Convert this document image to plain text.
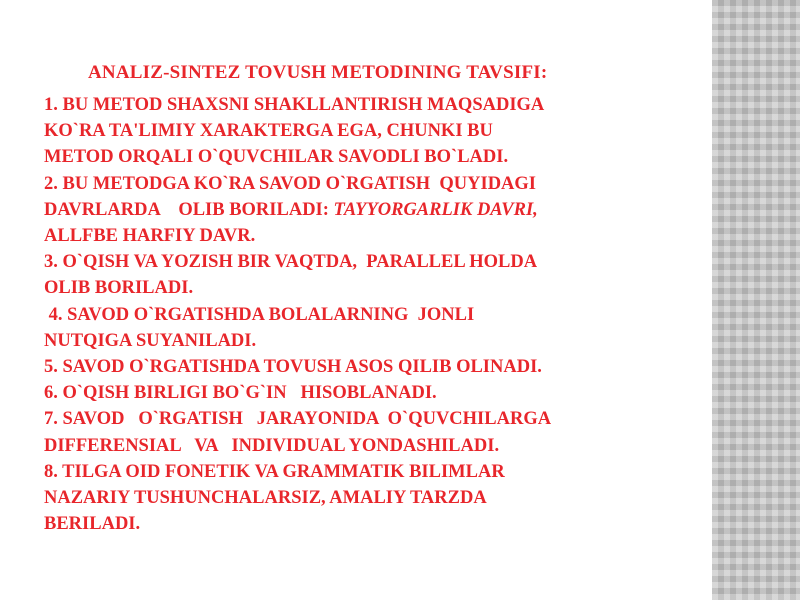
ANALIZ-SINTEZ TOVUSH METODINING TAVSIFI:
1. BU METOD SHAXSNI SHAKLLANTIRISH MAQSADIGA
KO`RA TA'LIMIY XARAKTERGA EGA, CHUNKI BU
METOD ORQALI O`QUVCHILAR SAVODLI BO`LADI.
2. BU METODGA KO`RA SAVOD O`RGATISH  QUYIDAGI
DAVRLARDA    OLIB BORILADI: TAYYORGARLIK DAVRI,
ALLFBE HARFIY DAVR.
3. O`QISH VA YOZISH BIR VAQTDA,  PARALLEL HOLDA
OLIB BORILADI.
4. SAVOD O`RGATISHDA BOLALARNING  JONLI
NUTQIGA SUYANILADI.
5. SAVOD O`RGATISHDA TOVUSH ASOS QILIB OLINADI.
6. O`QISH BIRLIGI BO`G`IN   HISOBLANADI.
7. SAVOD   O`RGATISH   JARAYONIDA  O`QUVCHILARGA
DIFFERENSIAL   VA   INDIVIDUAL YONDASHILADI.
8. TILGA OID FONETIK VA GRAMMATIK BILIMLAR
NAZARIY TUSHUNCHALARSIZ, AMALIY TARZDA
BERILADI.
